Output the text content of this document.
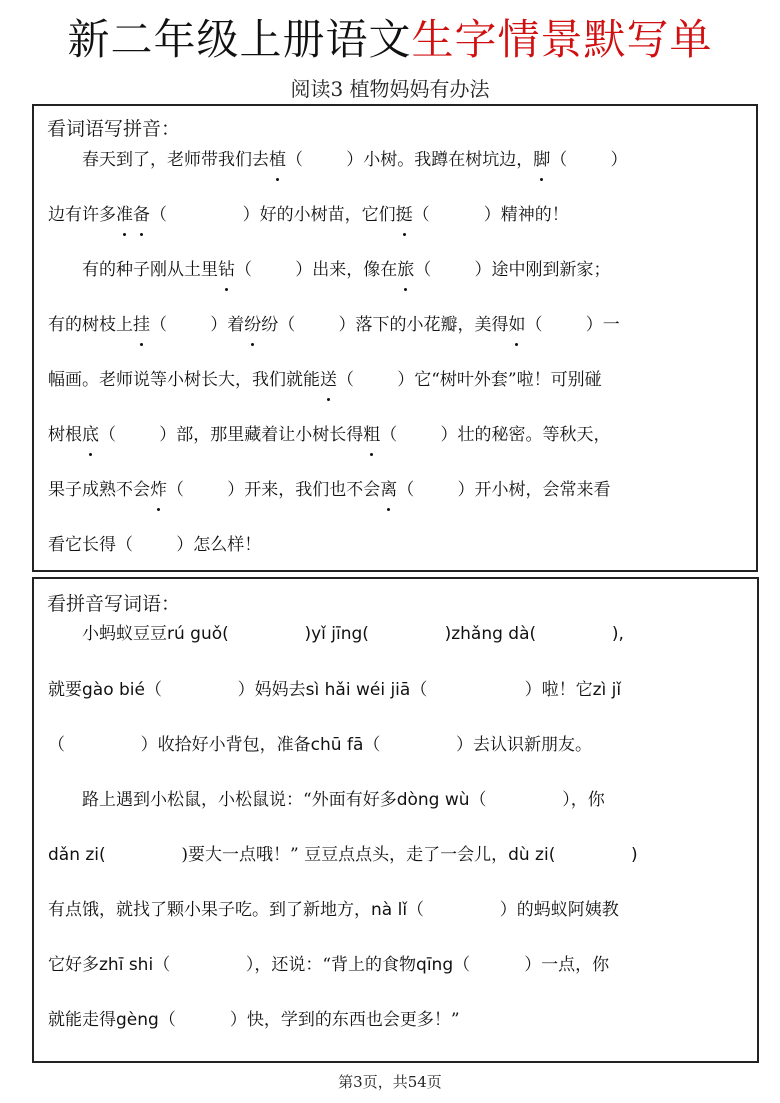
新二年级上册语文生字情景默写单
阅读3 植物妈妈有办法
看词语写拼音：
春天到了，老师带我们去 植 （
	）小树。我蹲在树坑边， 脚 （
	）
边有许多 准 备 （
	）好的小树苗，它们 挺 （
	）精神的！
有的种子刚从土里 钻 （
	）出来，像在 旅 （
	）途中刚到新家；
有的树枝上 挂 （
	）着 纷 纷（
	）落下的小花瓣，美得 如 （
	）一
幅画。老师说等小树长大，我们就能 送 （
	）它“树叶外套”啦！可别碰
树根 底 （
	）部，那里藏着让小树长得 粗 （
	）壮的秘密。等秋天，
果子成熟不会 炸 （
	）开来，我们也不会 离 （
	）开小树，会常来看
看它长 得 （
	）怎么样！
看拼音写词语：
小蚂蚁豆豆 rú guǒ (
	) yǐ jīng (
	) zhǎng dà (
	),
就要 gào bié （
	）妈妈去 sì hǎi wéi jiā （
	）啦！它 zì jǐ
（
	）收拾好小背包，准备 chū fā （
	）去认识新朋友。
路上遇到小松鼠，小松鼠说：“外面有好多 dòng wù （
	），你
dǎn zi (
	)要大一点哦！” 豆豆点点头，走了一会儿， dù zi (
	)
有点饿，就找了颗小果子吃。到了新地方， nà lǐ （
	）的蚂蚁阿姨教
它好多 zhī shi （
	），还说：“背上的食物 qīng （
	）一点，你
就能走得 gèng （
	）快，学到的东西也会更多！”
第3页，共54页
